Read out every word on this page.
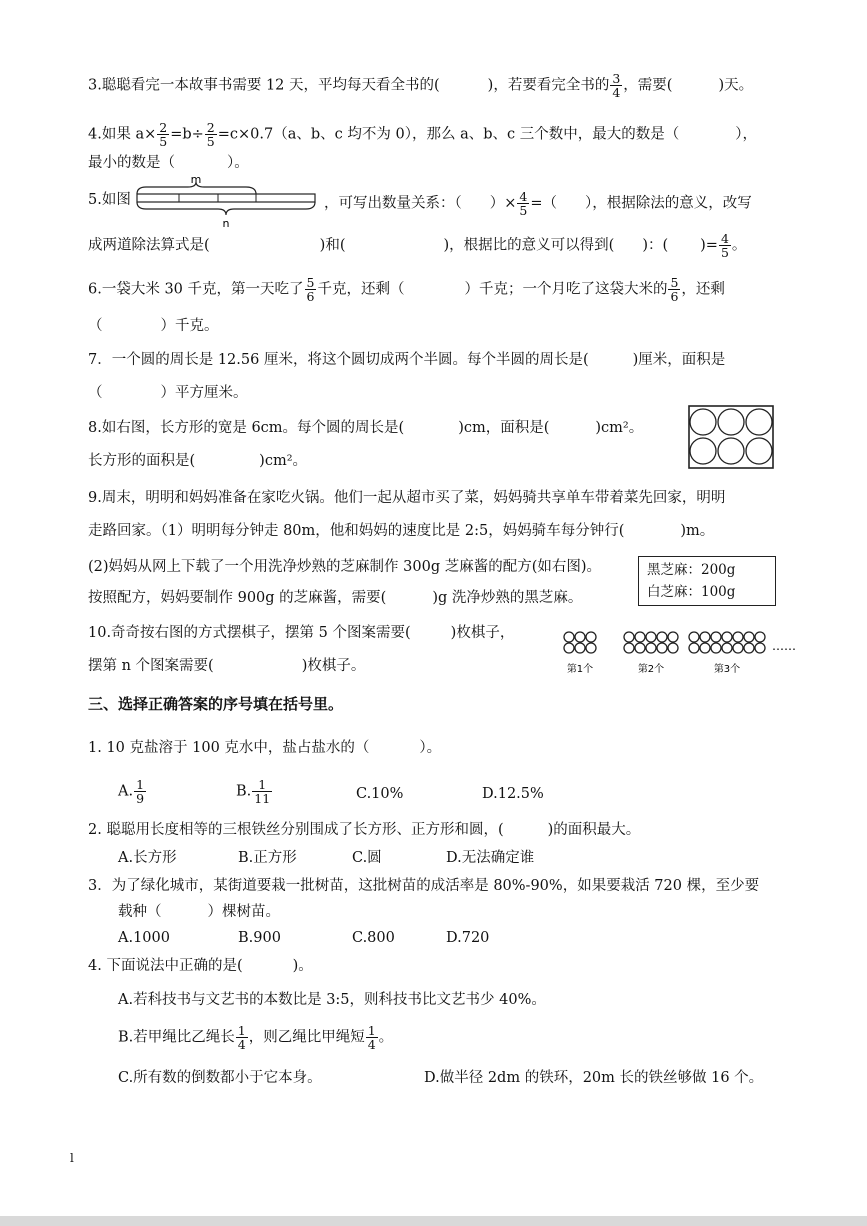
3.聪聪看完一本故事书需要 12 天，平均每天看全书的(	)，若要看完全书的 $\frac{3}{4}$ ，需要(	)天。
4.如果 $a\times \frac{2}{5} =b\div \frac{2}{5} =c\times 0.7(a$、b、c 均不为 0），那么 a、b、c 三个数中，最大的数是（	），
最小的数是（	）。
5.如图
m
n
，可写出数量关系：（ ）× $\frac{4}{5}$ =（ ），根据除法的意义，改写
成两道除法算式是(	)和(	)，根据比的意义可以得到( )：( )= $\frac{4}{5}$ 。
6.一袋大米 30 千克，第一天吃了 $\frac{5}{6}$ 千克，还剩（	）千克；一个月吃了这袋大米的 $\frac{5}{6}$ ，还剩
（	）千克。
7．一个圆的周长是 12.56 厘米，将这个圆切成两个半圆。每个半圆的周长是(	)厘米，面积是
（	）平方厘米。
8.如右图，长方形的宽是 6cm。每个圆的周长是(	)cm，面积是(	)cm²。
长方形的面积是(	)cm²。
9.周末，明明和妈妈准备在家吃火锅。他们一起从超市买了菜，妈妈骑共享单车带着菜先回家，明明
走路回家。（1）明明每分钟走 80m，他和妈妈的速度比是 2:5，妈妈骑车每分钟行(	)m。
(2)妈妈从网上下载了一个用洗净炒熟的芝麻制作 300g 芝麻酱的配方(如右图)。
按照配方，妈妈要制作 900g 的芝麻酱，需要(	)g 洗净炒熟的黑芝麻。
黑芝麻：200g
白芝麻：100g
10.奇奇按右图的方式摆棋子，摆第 5 个图案需要(	)枚棋子，
摆第 n 个图案需要(	)枚棋子。	第1个	第2个	第3个
……
三、选择正确答案的序号填在括号里。
1. 10 克盐溶于 100 克水中，盐占盐水的（	）。
A. $\frac{1}{9}$	B. $\frac{1}{11}$	C.10%	D.12.5%
2. 聪聪用长度相等的三根铁丝分别围成了长方形、正方形和圆，(	)的面积最大。
A.长方形	B.正方形	C.圆	D.无法确定谁
3．为了绿化城市，某街道要栽一批树苗，这批树苗的成活率是 80%-90%，如果要栽活 720 棵，至少要
载种（	）棵树苗。
A.1000	B.900	C.800	D.720
4. 下面说法中正确的是(	)。
A.若科技书与文艺书的本数比是 3:5，则科技书比文艺书少 40%。
B.若甲绳比乙绳长 $\frac{1}{4}$ ，则乙绳比甲绳短 $\frac{1}{4}$ 。
C.所有数的倒数都小于它本身。	D.做半径 2dm 的铁环，20m 长的铁丝够做 16 个。
l
